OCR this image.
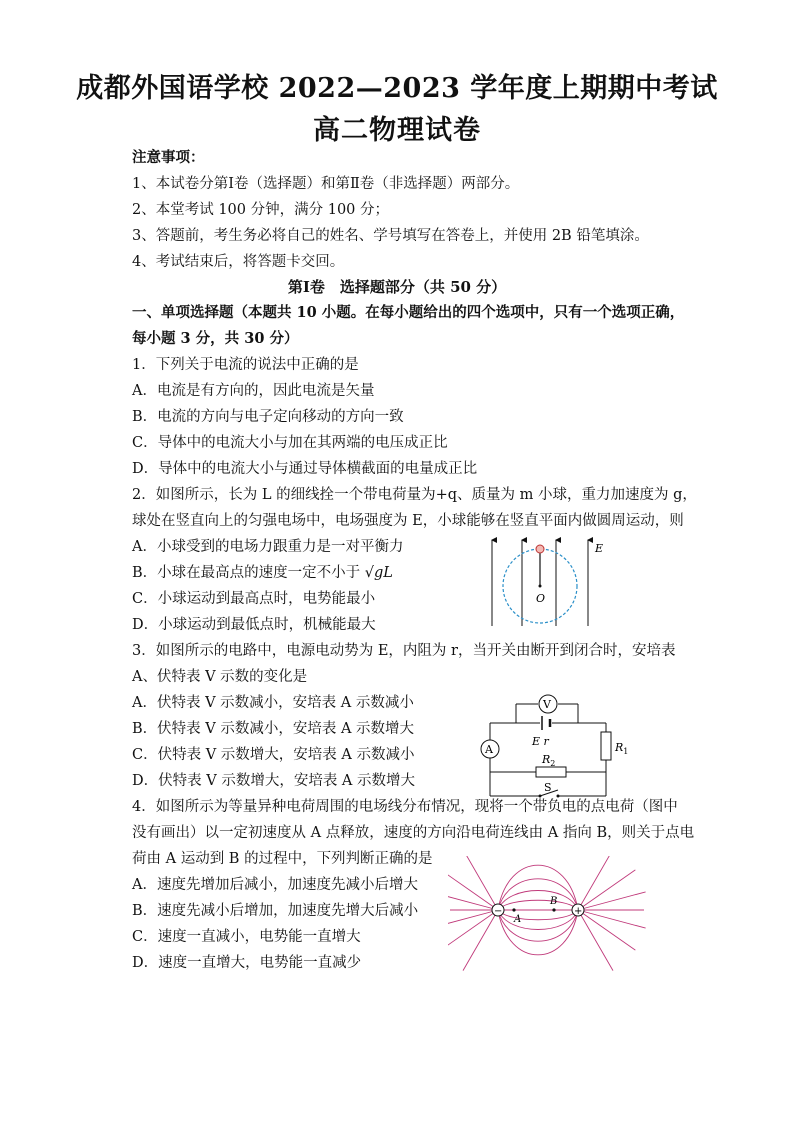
成都外国语学校 2022—2023 学年度上期期中考试
高二物理试卷
注意事项：
1、本试卷分第Ⅰ卷（选择题）和第Ⅱ卷（非选择题）两部分。
2、本堂考试 100 分钟，满分 100 分；
3、答题前，考生务必将自己的姓名、学号填写在答卷上，并使用 2B 铅笔填涂。
4、考试结束后，将答题卡交回。
第Ⅰ卷　选择题部分（共 50 分）
一、单项选择题（本题共 10 小题。在每小题给出的四个选项中，只有一个选项正确，
每小题 3 分，共 30 分）
1．下列关于电流的说法中正确的是
A．电流是有方向的，因此电流是矢量
B．电流的方向与电子定向移动的方向一致
C．导体中的电流大小与加在其两端的电压成正比
D．导体中的电流大小与通过导体横截面的电量成正比
2．如图所示，长为 L 的细线拴一个带电荷量为+q、质量为 m 小球，重力加速度为 g，
球处在竖直向上的匀强电场中，电场强度为 E，小球能够在竖直平面内做圆周运动，则
A．小球受到的电场力跟重力是一对平衡力
B．小球在最高点的速度一定不小于 √gL
C．小球运动到最高点时，电势能最小
D．小球运动到最低点时，机械能最大
O
E
3．如图所示的电路中，电源电动势为 E，内阻为 r，当开关由断开到闭合时，安培表
A、伏特表 V 示数的变化是
A．伏特表 V 示数减小，安培表 A 示数减小
B．伏特表 V 示数减小，安培表 A 示数增大
C．伏特表 V 示数增大，安培表 A 示数减小
D．伏特表 V 示数增大，安培表 A 示数增大
V
E r
A	$R_1$
$R_2$
S
4．如图所示为等量异种电荷周围的电场线分布情况，现将一个带负电的点电荷（图中
没有画出）以一定初速度从 A 点释放，速度的方向沿电荷连线由 A 指向 B，则关于点电
荷由 A 运动到 B 的过程中，下列判断正确的是
A．速度先增加后减小，加速度先减小后增大
B．速度先减小后增加，加速度先增大后减小
C．速度一直减小，电势能一直增大
D．速度一直增大，电势能一直减少
−	+
A
B
